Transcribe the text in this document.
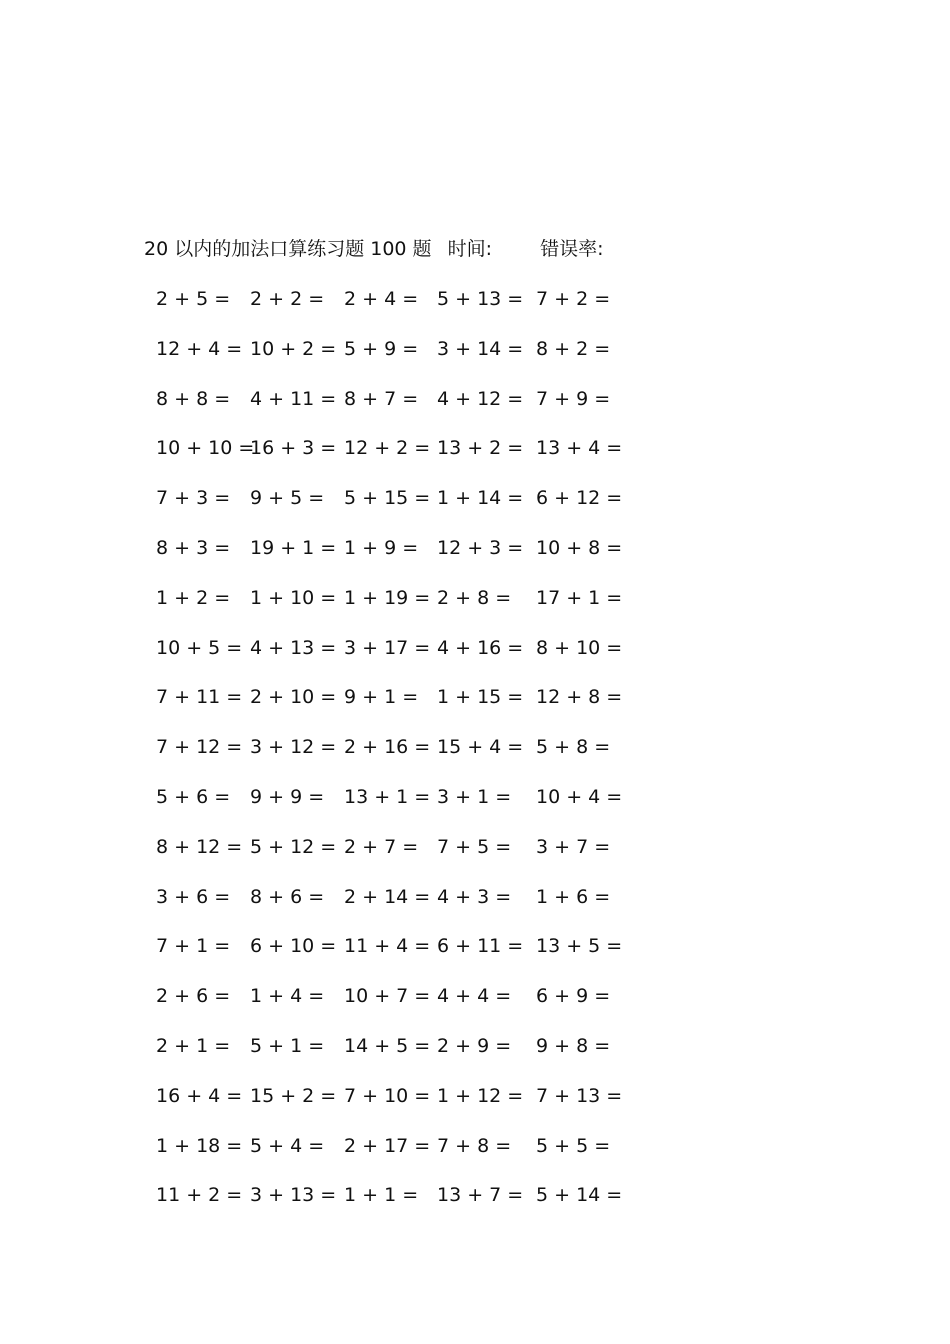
20 以内的加法口算练习题 100 题 时间:	错误率:
2 + 5 = 2 + 2 = 2 + 4 = 5 + 13 = 7 + 2 =
12 + 4 = 10 + 2 = 5 + 9 = 3 + 14 = 8 + 2 =
8 + 8 = 4 + 11 = 8 + 7 = 4 + 12 = 7 + 9 =
10 + 10 =
16 + 3 = 12 + 2 = 13 + 2 = 13 + 4 =
7 + 3 = 9 + 5 = 5 + 15 = 1 + 14 = 6 + 12 =
8 + 3 = 19 + 1 = 1 + 9 = 12 + 3 = 10 + 8 =
1 + 2 = 1 + 10 = 1 + 19 = 2 + 8 = 17 + 1 =
10 + 5 = 4 + 13 = 3 + 17 = 4 + 16 = 8 + 10 =
7 + 11 = 2 + 10 = 9 + 1 = 1 + 15 = 12 + 8 =
7 + 12 = 3 + 12 = 2 + 16 = 15 + 4 = 5 + 8 =
5 + 6 = 9 + 9 = 13 + 1 = 3 + 1 = 10 + 4 =
8 + 12 = 5 + 12 = 2 + 7 = 7 + 5 = 3 + 7 =
3 + 6 = 8 + 6 = 2 + 14 = 4 + 3 = 1 + 6 =
7 + 1 = 6 + 10 = 11 + 4 = 6 + 11 = 13 + 5 =
2 + 6 = 1 + 4 = 10 + 7 = 4 + 4 = 6 + 9 =
2 + 1 = 5 + 1 = 14 + 5 = 2 + 9 = 9 + 8 =
16 + 4 = 15 + 2 = 7 + 10 = 1 + 12 = 7 + 13 =
1 + 18 = 5 + 4 = 2 + 17 = 7 + 8 = 5 + 5 =
11 + 2 = 3 + 13 = 1 + 1 = 13 + 7 = 5 + 14 =
